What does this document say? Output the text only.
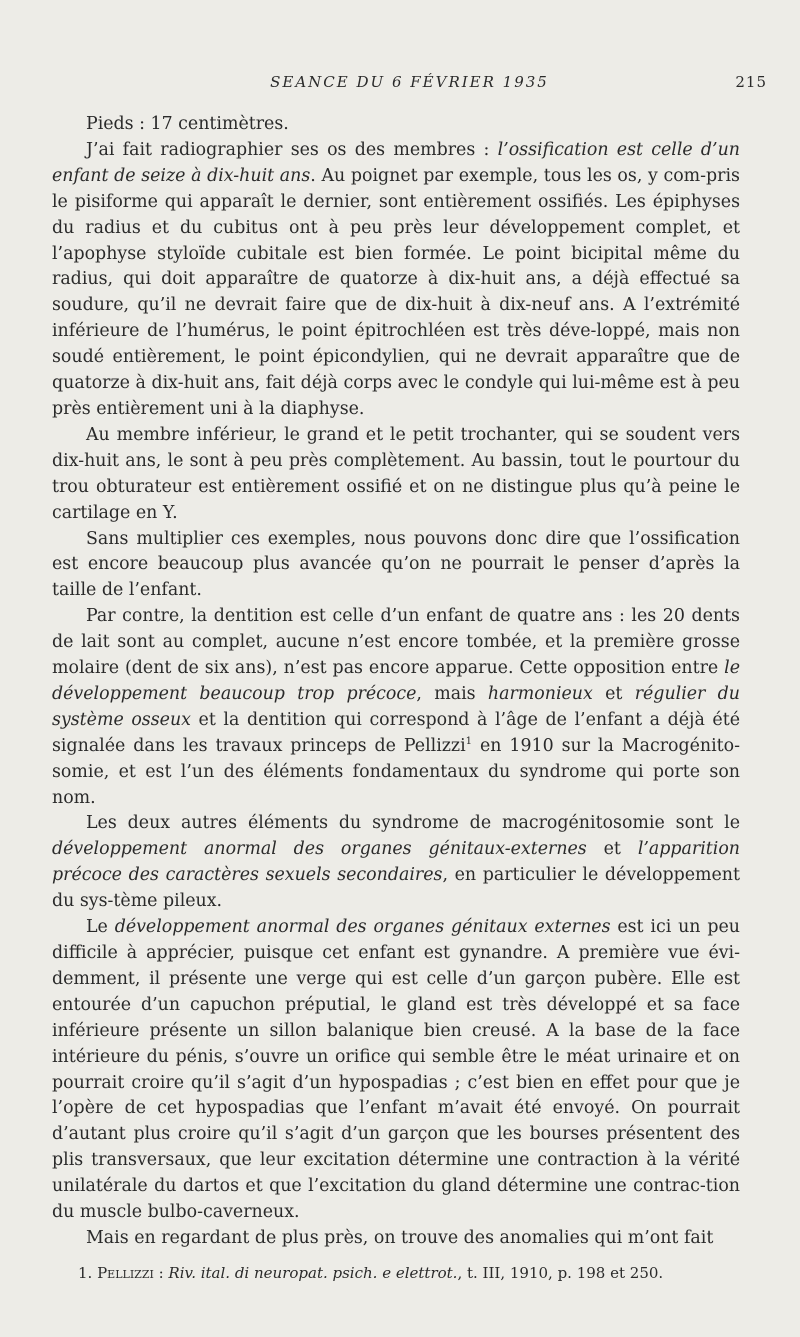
SEANCE DU 6 FÉVRIER 1935	215

Pieds : 17 centimètres.

J’ai fait radiographier ses os des membres : l’ossification est celle d’un enfant de seize à dix-huit ans. Au poignet par exemple, tous les os, y com-pris le pisiforme qui apparaît le dernier, sont entièrement ossifiés. Les épiphyses du radius et du cubitus ont à peu près leur développement complet, et l’apophyse styloïde cubitale est bien formée. Le point bicipital même du radius, qui doit apparaître de quatorze à dix-huit ans, a déjà effectué sa soudure, qu’il ne devrait faire que de dix-huit à dix-neuf ans. A l’extrémité inférieure de l’humérus, le point épitrochléen est très déve-loppé, mais non soudé entièrement, le point épicondylien, qui ne devrait apparaître que de quatorze à dix-huit ans, fait déjà corps avec le condyle qui lui-même est à peu près entièrement uni à la diaphyse.

Au membre inférieur, le grand et le petit trochanter, qui se soudent vers dix-huit ans, le sont à peu près complètement. Au bassin, tout le pourtour du trou obturateur est entièrement ossifié et on ne distingue plus qu’à peine le cartilage en Y.

Sans multiplier ces exemples, nous pouvons donc dire que l’ossification est encore beaucoup plus avancée qu’on ne pourrait le penser d’après la taille de l’enfant.

Par contre, la dentition est celle d’un enfant de quatre ans : les 20 dents de lait sont au complet, aucune n’est encore tombée, et la première grosse molaire (dent de six ans), n’est pas encore apparue. Cette opposition entre le développement beaucoup trop précoce, mais harmonieux et régulier du système osseux et la dentition qui correspond à l’âge de l’enfant a déjà été signalée dans les travaux princeps de Pellizzi$^1$ en 1910 sur la Macrogénito-somie, et est l’un des éléments fondamentaux du syndrome qui porte son nom.

Les deux autres éléments du syndrome de macrogénitosomie sont le développement anormal des organes génitaux-externes et l’apparition précoce des caractères sexuels secondaires, en particulier le développement du sys-tème pileux.

Le développement anormal des organes génitaux externes est ici un peu difficile à apprécier, puisque cet enfant est gynandre. A première vue évi-demment, il présente une verge qui est celle d’un garçon pubère. Elle est entourée d’un capuchon préputial, le gland est très développé et sa face inférieure présente un sillon balanique bien creusé. A la base de la face intérieure du pénis, s’ouvre un orifice qui semble être le méat urinaire et on pourrait croire qu’il s’agit d’un hypospadias ; c’est bien en effet pour que je l’opère de cet hypospadias que l’enfant m’avait été envoyé. On pourrait d’autant plus croire qu’il s’agit d’un garçon que les bourses présentent des plis transversaux, que leur excitation détermine une contraction à la vérité unilatérale du dartos et que l’excitation du gland détermine une contrac-tion du muscle bulbo-caverneux.

Mais en regardant de plus près, on trouve des anomalies qui m’ont fait

1. Pellizzi : Riv. ital. di neuropat. psich. e elettrot., t. III, 1910, p. 198 et 250.
